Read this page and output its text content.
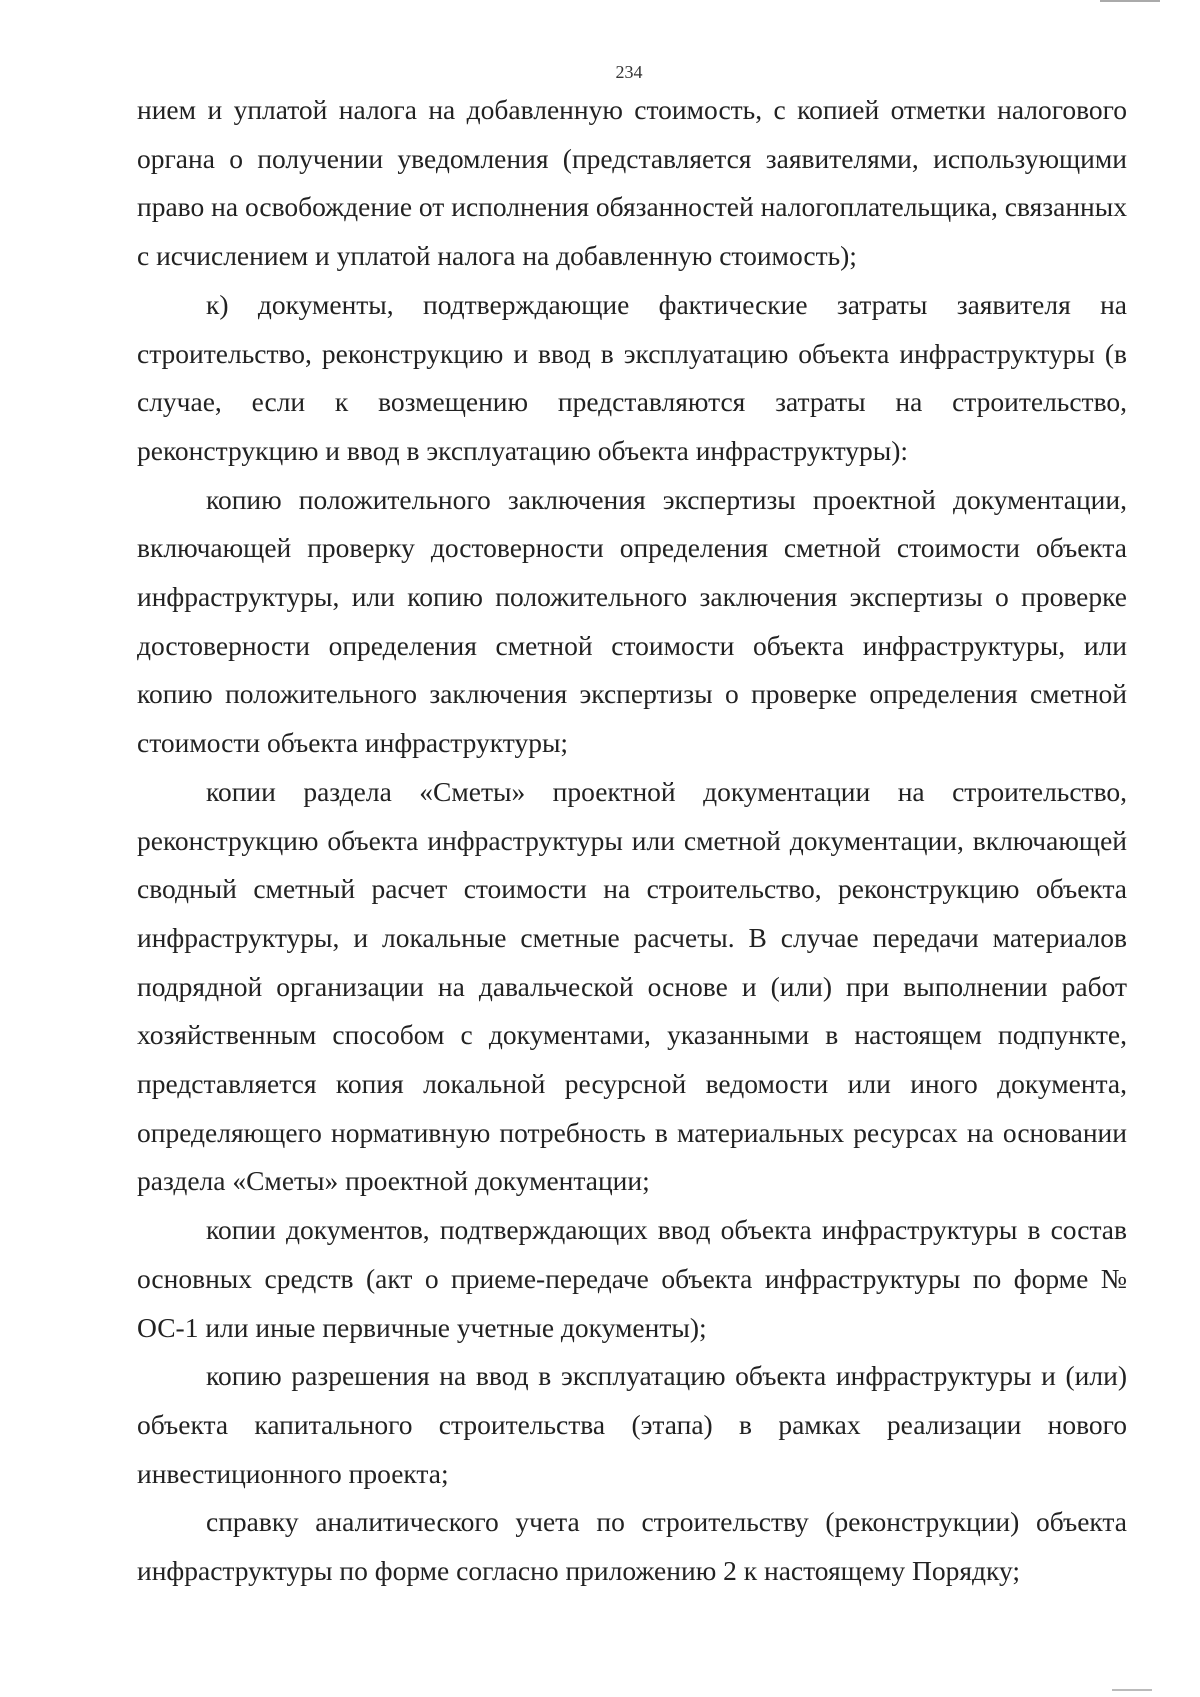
234

нием и уплатой налога на добавленную стоимость, с копией отметки налогового органа о получении уведомления (представляется заявителями, использующими право на освобождение от исполнения обязанностей налогоплательщика, связанных с исчислением и уплатой налога на добавленную стоимость);

к) документы, подтверждающие фактические затраты заявителя на строительство, реконструкцию и ввод в эксплуатацию объекта инфраструктуры (в случае, если к возмещению представляются затраты на строительство, реконструкцию и ввод в эксплуатацию объекта инфраструктуры):

копию положительного заключения экспертизы проектной документации, включающей проверку достоверности определения сметной стоимости объекта инфраструктуры, или копию положительного заключения экспертизы о проверке достоверности определения сметной стоимости объекта инфраструктуры, или копию положительного заключения экспертизы о проверке определения сметной стоимости объекта инфраструктуры;

копии раздела «Сметы» проектной документации на строительство, реконструкцию объекта инфраструктуры или сметной документации, включающей сводный сметный расчет стоимости на строительство, реконструкцию объекта инфраструктуры, и локальные сметные расчеты. В случае передачи материалов подрядной организации на давальческой основе и (или) при выполнении работ хозяйственным способом с документами, указанными в настоящем подпункте, представляется копия локальной ресурсной ведомости или иного документа, определяющего нормативную потребность в материальных ресурсах на основании раздела «Сметы» проектной документации;

копии документов, подтверждающих ввод объекта инфраструктуры в состав основных средств (акт о приеме-передаче объекта инфраструктуры по форме № ОС-1 или иные первичные учетные документы);

копию разрешения на ввод в эксплуатацию объекта инфраструктуры и (или) объекта капитального строительства (этапа) в рамках реализации нового инвестиционного проекта;

справку аналитического учета по строительству (реконструкции) объекта инфраструктуры по форме согласно приложению 2 к настоящему Порядку;
